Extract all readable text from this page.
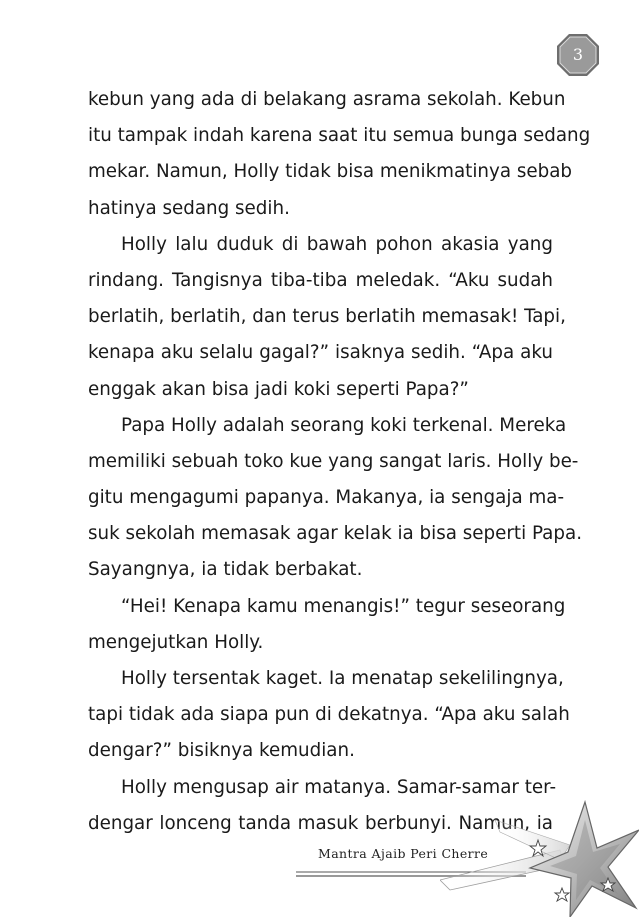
3
kebun yang ada di belakang asrama sekolah. Kebun
itu tampak indah karena saat itu semua bunga sedang
mekar. Namun, Holly tidak bisa menikmatinya sebab
hatinya sedang sedih.
Holly lalu duduk di bawah pohon akasia yang
rindang. Tangisnya tiba-tiba meledak. “Aku sudah
berlatih, berlatih, dan terus berlatih memasak! Tapi,
kenapa aku selalu gagal?” isaknya sedih. “Apa aku
enggak akan bisa jadi koki seperti Papa?”
Papa Holly adalah seorang koki terkenal. Mereka
memiliki sebuah toko kue yang sangat laris. Holly be-
gitu mengagumi papanya. Makanya, ia sengaja ma-
suk sekolah memasak agar kelak ia bisa seperti Papa.
Sayangnya, ia tidak berbakat.
“Hei! Kenapa kamu menangis!” tegur seseorang
mengejutkan Holly.
Holly tersentak kaget. Ia menatap sekelilingnya,
tapi tidak ada siapa pun di dekatnya. “Apa aku salah
dengar?” bisiknya kemudian.
Holly mengusap air matanya. Samar-samar ter-
dengar lonceng tanda masuk berbunyi. Namun, ia
Mantra Ajaib Peri Cherre
